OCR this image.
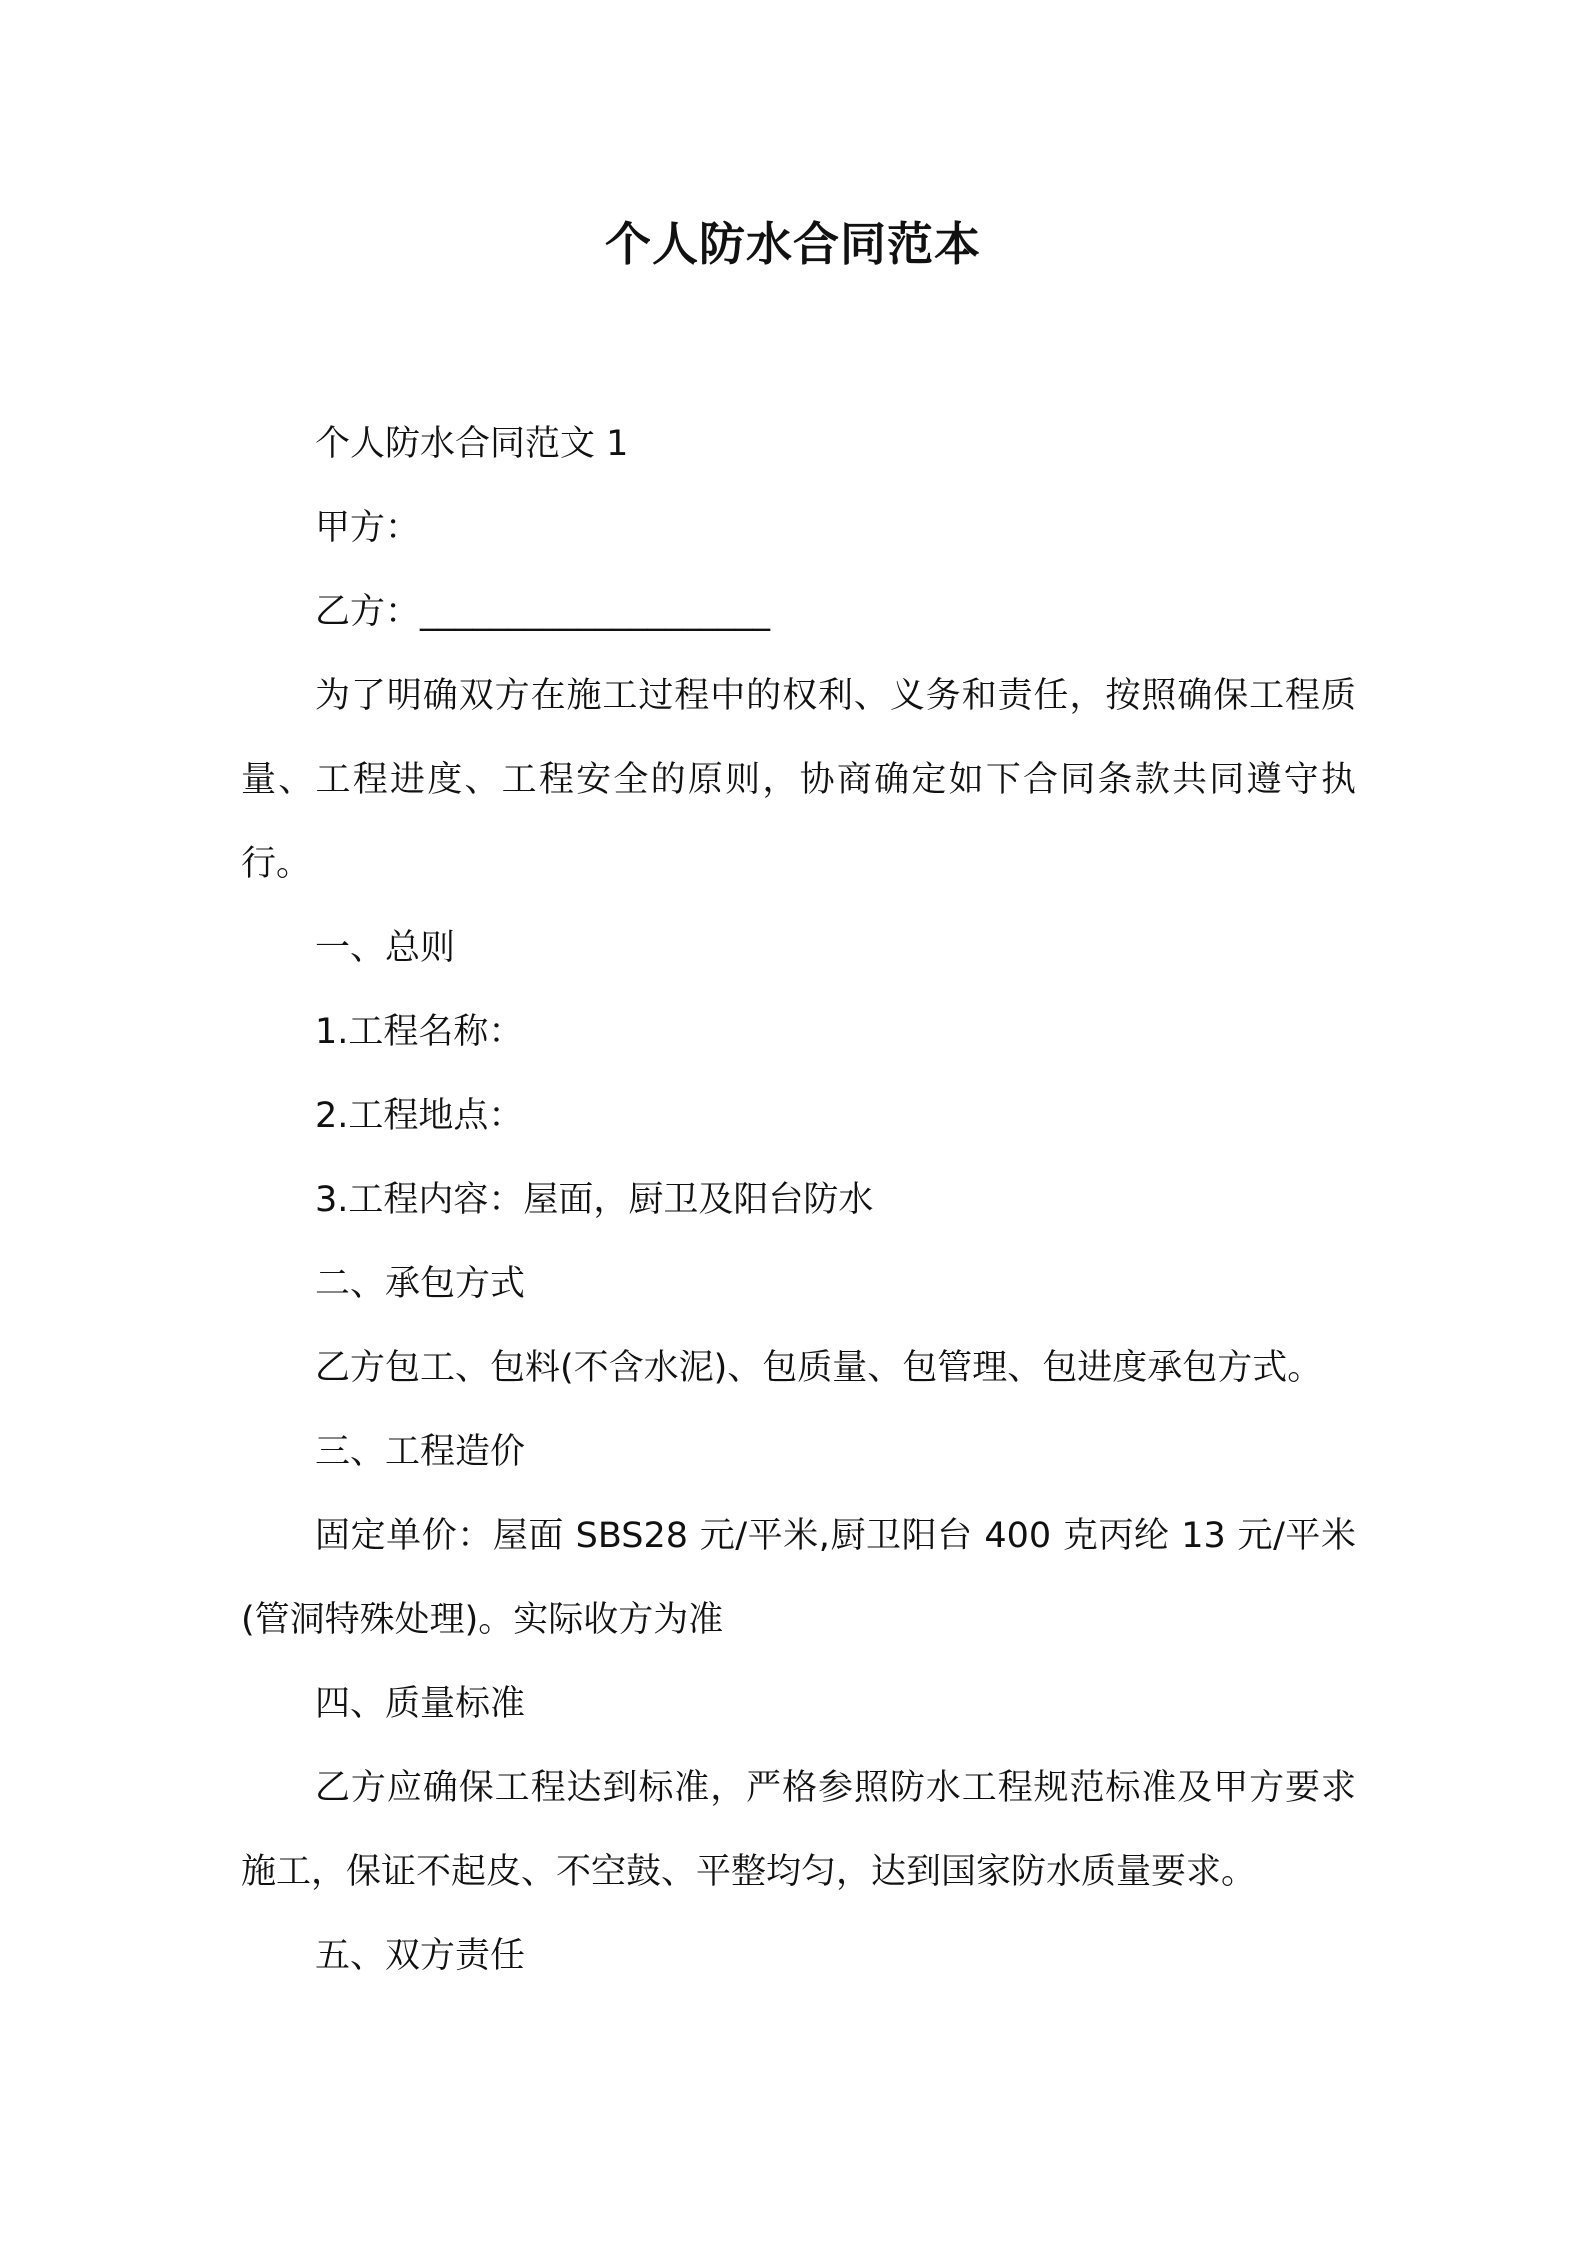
个人防水合同范本

个人防水合同范文 1

甲方：

乙方：____________________

为了明确双方在施工过程中的权利、义务和责任，按照确保工程质量、工程进度、工程安全的原则，协商确定如下合同条款共同遵守执行。

一、总则

1.工程名称：

2.工程地点：

3.工程内容：屋面，厨卫及阳台防水

二、承包方式

乙方包工、包料(不含水泥)、包质量、包管理、包进度承包方式。

三、工程造价

固定单价：屋面 SBS28 元/平米,厨卫阳台 400 克丙纶 13 元/平米(管洞特殊处理)。实际收方为准

四、质量标准

乙方应确保工程达到标准，严格参照防水工程规范标准及甲方要求施工，保证不起皮、不空鼓、平整均匀，达到国家防水质量要求。

五、双方责任
